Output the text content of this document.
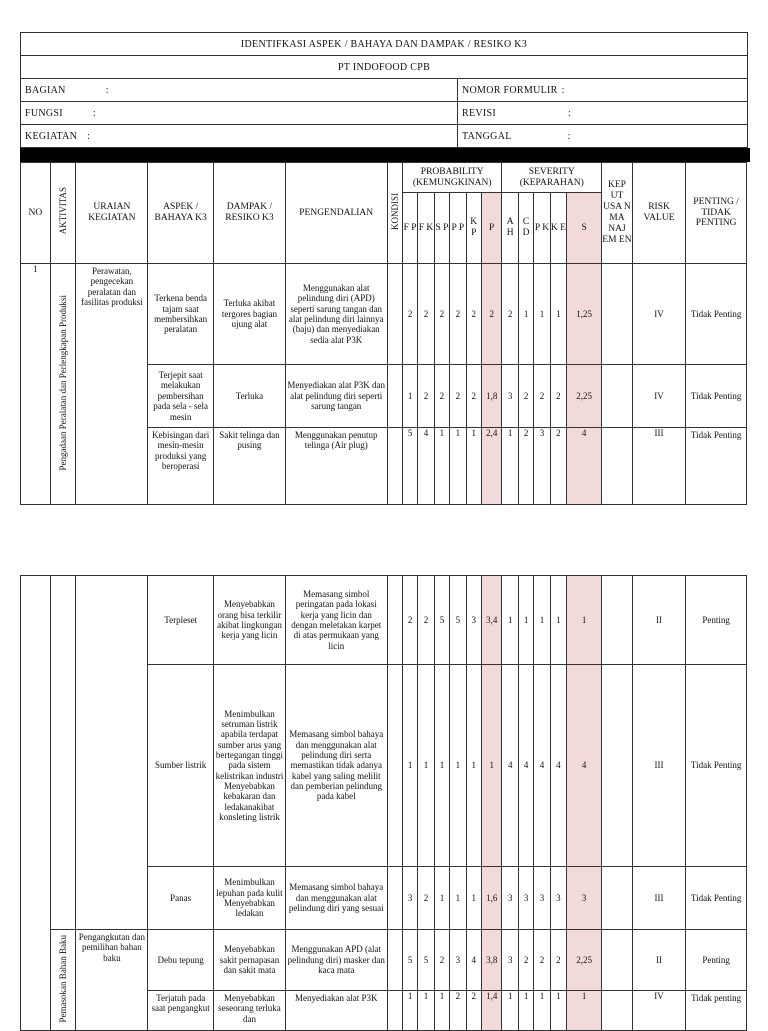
IDENTIFKASI ASPEK / BAHAYA DAN DAMPAK / RESIKO K3	
PT INDOFOOD CPB	
BAGIAN :	NOMOR FORMULIR :
FUNGSI :	REVISI :
KEGIATAN :	TANGGAL :
NO	AKTIVITAS	URAIAN KEGIATAN	ASPEK / BAHAYA K3	DAMPAK / RESIKO K3	PENGENDALIAN	KONDISI	PROBABILITY (KEMUNGKINAN)						SEVERITY (KEPARAHAN)					KEP UT USA N MA NAJ EM EN	RISK VALUE	PENTING / TIDAK PENTING
							F P	F K	S P	P P	K P	P	A H	C D	P K	K E	S			
1	Pengadaan Peralatan dan Perlengkapan Produksi	Perawatan, pengecekan peralatan dan fasilitas produksi	Terkena benda tajam saat membersihkan peralatan	Terluka akibat tergores bagian ujung alat	Menggunakan alat pelindung diri (APD) seperti sarung tangan dan alat pelindung diri lainnya (baju) dan menyediakan sedia alat P3K		2	2	2	2	2	2	2	1	1	1	1,25		IV	Tidak Penting
			Terjepit saat melakukan pembersihan pada sela - sela mesin	Terluka	Menyediakan alat P3K dan alat pelindung diri seperti sarung tangan		1	2	2	2	2	1,8	3	2	2	2	2,25		IV	Tidak Penting
			Kebisingan dari mesin-mesin produksi yang beroperasi	Sakit telinga dan pusing	Menggunakan penutup telinga (Air plug)		5	4	1	1	1	2,4	1	2	3	2	4		III	Tidak Penting
			Terpleset	Menyebabkan orang bisa terkilir akibat lingkungan kerja yang licin	Memasang simbol peringatan pada lokasi kerja yang licin dan dengan meletakan karpet di atas permukaan yang licin		2	2	5	5	3	3,4	1	1	1	1	1		II	Penting
			Sumber listrik	Menimbulkan setruman listrik apabila terdapat sumber arus yang bertegangan tinggi pada sistem kelistrikan industri Menyebabkan kebakaran dan ledakanakibat konsleting listrik	Memasang simbol bahaya dan menggunakan alat pelindung diri serta memastikan tidak adanya kabel yang saling melilit dan pemberian pelindung pada kabel		1	1	1	1	1	1	4	4	4	4	4		III	Tidak Penting
			Panas	Menimbulkan lepuhan pada kulit Menyebabkan ledakan	Memasang simbol bahaya dan menggunakan alat pelindung diri yang sesuai		3	2	1	1	1	1,6	3	3	3	3	3		III	Tidak Penting
	Pemasokan Bahan Baku	Pengangkutan dan pemilihan bahan baku	Debu tepung	Menyebabkan sakit pernapasan dan sakit mata	Menggunakan APD (alat pelindung diri) masker dan kaca mata		5	5	2	3	4	3,8	3	2	2	2	2,25		II	Penting
			Terjatuh pada saat pengangkut	Menyebabkan seseorang terluka dan	Menyediakan alat P3K		1	1	1	2	2	1,4	1	1	1	1	1		IV	Tidak penting
